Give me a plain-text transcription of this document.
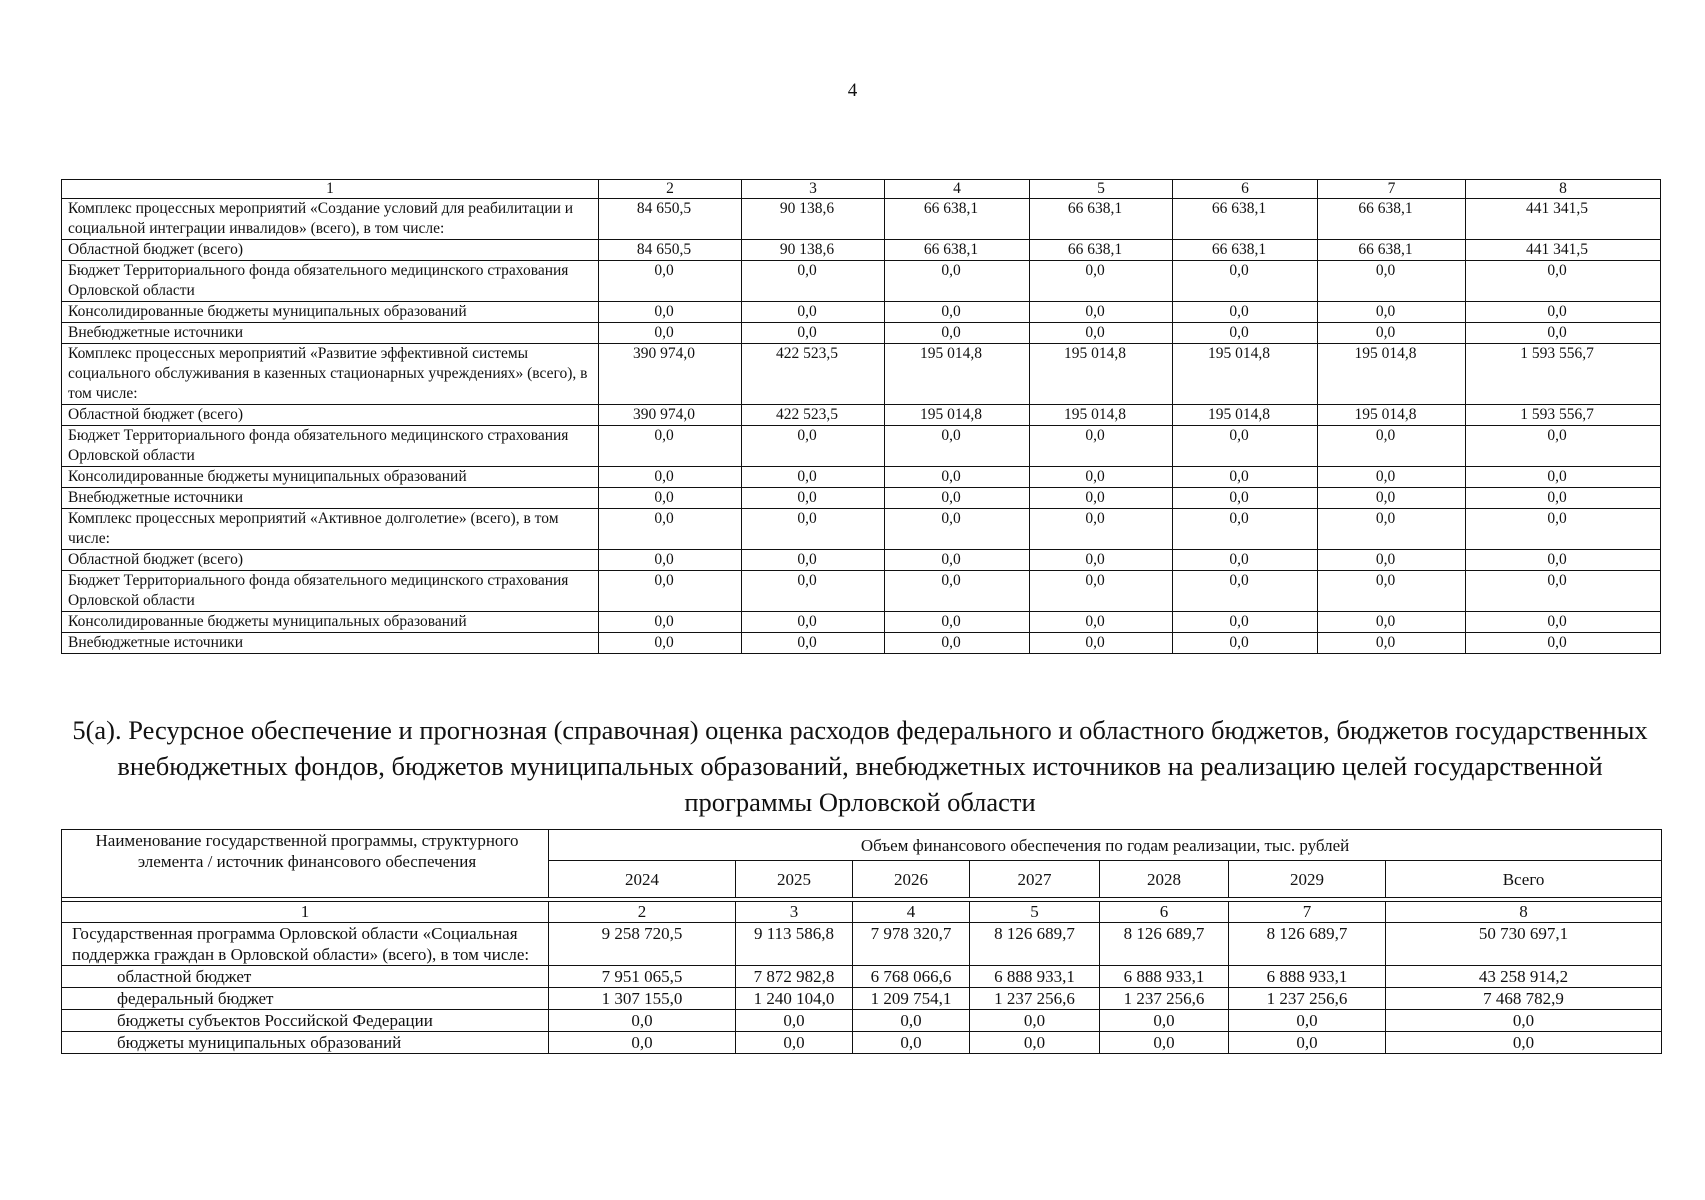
4
1	2	3	4	5	6	7	8
Комплекс процессных мероприятий «Создание условий для реабилитации и социальной интеграции инвалидов» (всего), в том числе:	84 650,5	90 138,6	66 638,1	66 638,1	66 638,1	66 638,1	441 341,5
Областной бюджет (всего)	84 650,5	90 138,6	66 638,1	66 638,1	66 638,1	66 638,1	441 341,5
Бюджет Территориального фонда обязательного медицинского страхования Орловской области	0,0	0,0	0,0	0,0	0,0	0,0	0,0
Консолидированные бюджеты муниципальных образований	0,0	0,0	0,0	0,0	0,0	0,0	0,0
Внебюджетные источники	0,0	0,0	0,0	0,0	0,0	0,0	0,0
Комплекс процессных мероприятий «Развитие эффективной системы социального обслуживания в казенных стационарных учреждениях» (всего), в том числе:	390 974,0	422 523,5	195 014,8	195 014,8	195 014,8	195 014,8	1 593 556,7
Областной бюджет (всего)	390 974,0	422 523,5	195 014,8	195 014,8	195 014,8	195 014,8	1 593 556,7
Бюджет Территориального фонда обязательного медицинского страхования Орловской области	0,0	0,0	0,0	0,0	0,0	0,0	0,0
Консолидированные бюджеты муниципальных образований	0,0	0,0	0,0	0,0	0,0	0,0	0,0
Внебюджетные источники	0,0	0,0	0,0	0,0	0,0	0,0	0,0
Комплекс процессных мероприятий «Активное долголетие» (всего), в том числе:	0,0	0,0	0,0	0,0	0,0	0,0	0,0
Областной бюджет (всего)	0,0	0,0	0,0	0,0	0,0	0,0	0,0
Бюджет Территориального фонда обязательного медицинского страхования Орловской области	0,0	0,0	0,0	0,0	0,0	0,0	0,0
Консолидированные бюджеты муниципальных образований	0,0	0,0	0,0	0,0	0,0	0,0	0,0
Внебюджетные источники	0,0	0,0	0,0	0,0	0,0	0,0	0,0
5(а). Ресурсное обеспечение и прогнозная (справочная) оценка расходов федерального и областного бюджетов, бюджетов государственных внебюджетных фондов, бюджетов муниципальных образований, внебюджетных источников на реализацию целей государственной программы Орловской области
Наименование государственной программы, структурного элемента / источник финансового обеспечения	Объем финансового обеспечения по годам реализации, тыс. рублей						
	2024	2025	2026	2027	2028	2029	Всего

1	2	3	4	5	6	7	8
Государственная программа Орловской области «Социальная поддержка граждан в Орловской области» (всего), в том числе:	9 258 720,5	9 113 586,8	7 978 320,7	8 126 689,7	8 126 689,7	8 126 689,7	50 730 697,1
областной бюджет	7 951 065,5	7 872 982,8	6 768 066,6	6 888 933,1	6 888 933,1	6 888 933,1	43 258 914,2
федеральный бюджет	1 307 155,0	1 240 104,0	1 209 754,1	1 237 256,6	1 237 256,6	1 237 256,6	7 468 782,9
бюджеты субъектов Российской Федерации	0,0	0,0	0,0	0,0	0,0	0,0	0,0
бюджеты муниципальных образований	0,0	0,0	0,0	0,0	0,0	0,0	0,0
